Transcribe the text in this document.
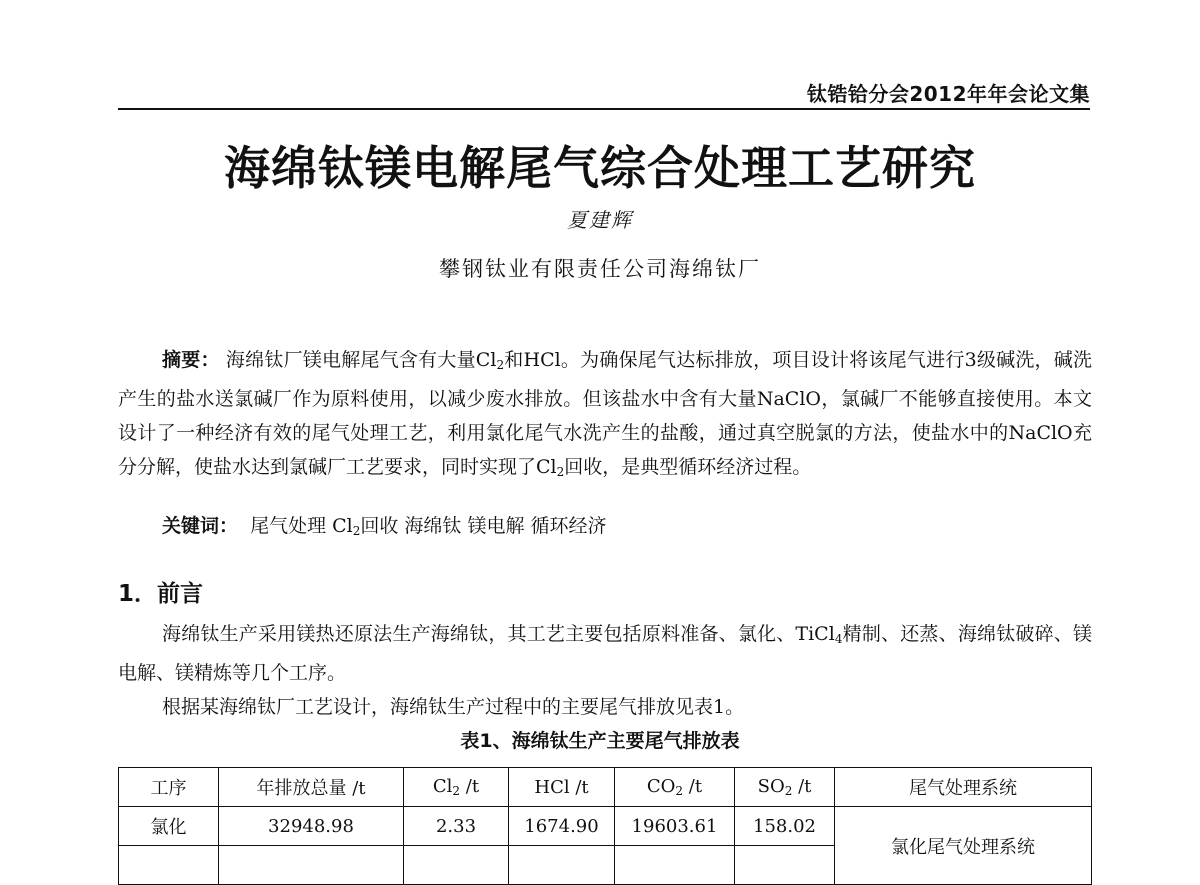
钛锆铪分会2012年年会论文集
海绵钛镁电解尾气综合处理工艺研究
夏建辉
攀钢钛业有限责任公司海绵钛厂

摘要： 海绵钛厂镁电解尾气含有大量$Cl_2$和HCl。为确保尾气达标排放，项目设计将该尾气进行3级碱洗，碱洗产生的盐水送氯碱厂作为原料使用，以减少废水排放。但该盐水中含有大量NaClO，氯碱厂不能够直接使用。本文设计了一种经济有效的尾气处理工艺，利用氯化尾气水洗产生的盐酸，通过真空脱氯的方法，使盐水中的NaClO充分分解，使盐水达到氯碱厂工艺要求，同时实现了$Cl_2$回收，是典型循环经济过程。

关键词：  尾气处理 $Cl_2$回收 海绵钛 镁电解 循环经济
1．前言

海绵钛生产采用镁热还原法生产海绵钛，其工艺主要包括原料准备、氯化、TiCl$_4$精制、还蒸、海绵钛破碎、镁电解、镁精炼等几个工序。

根据某海绵钛厂工艺设计，海绵钛生产过程中的主要尾气排放见表1。

表1、海绵钛生产主要尾气排放表
工序	年排放总量 /t	$Cl_2$ /t	HCl /t	$CO_2$ /t	$SO_2$ /t	尾气处理系统
氯化	32948.98	2.33	1674.90	19603.61	158.02	氯化尾气处理系统
